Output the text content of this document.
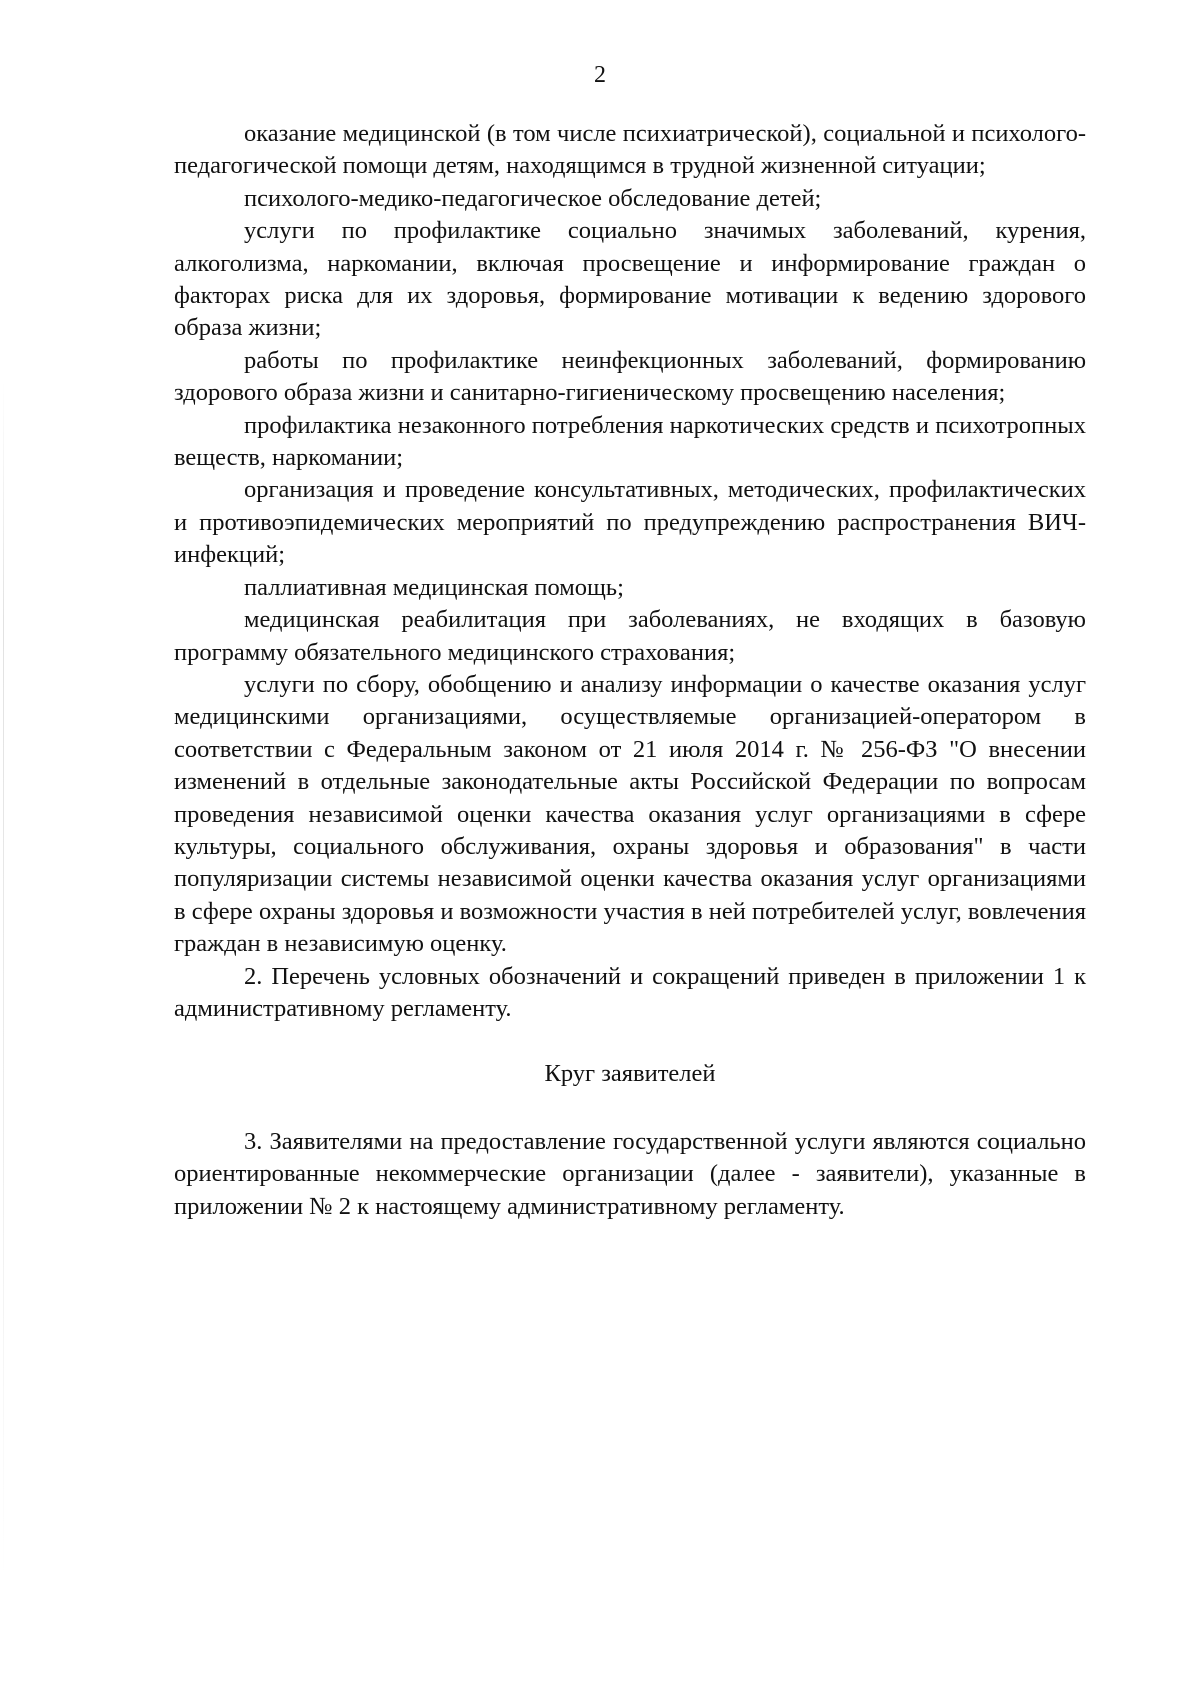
2

оказание медицинской (в том числе психиатрической), социальной и психолого-педагогической помощи детям, находящимся в трудной жизненной ситуации;

психолого-медико-педагогическое обследование детей;

услуги по профилактике социально значимых заболеваний, курения, алкоголизма, наркомании, включая просвещение и информирование граждан о факторах риска для их здоровья, формирование мотивации к ведению здорового образа жизни;

работы по профилактике неинфекционных заболеваний, формированию здорового образа жизни и санитарно-гигиеническому просвещению населения;

профилактика незаконного потребления наркотических средств и психотропных веществ, наркомании;

организация и проведение консультативных, методических, профилактических и противоэпидемических мероприятий по предупреждению распространения ВИЧ-инфекций;

паллиативная медицинская помощь;

медицинская реабилитация при заболеваниях, не входящих в базовую программу обязательного медицинского страхования;

услуги по сбору, обобщению и анализу информации о качестве оказания услуг медицинскими организациями, осуществляемые организацией-оператором в соответствии с Федеральным законом от 21 июля 2014 г. № 256-ФЗ "О внесении изменений в отдельные законодательные акты Российской Федерации по вопросам проведения независимой оценки качества оказания услуг организациями в сфере культуры, социального обслуживания, охраны здоровья и образования" в части популяризации системы независимой оценки качества оказания услуг организациями в сфере охраны здоровья и возможности участия в ней потребителей услуг, вовлечения граждан в независимую оценку.

2. Перечень условных обозначений и сокращений приведен в приложении 1 к административному регламенту.

Круг заявителей

3. Заявителями на предоставление государственной услуги являются социально ориентированные некоммерческие организации (далее - заявители), указанные в приложении № 2 к настоящему административному регламенту.
